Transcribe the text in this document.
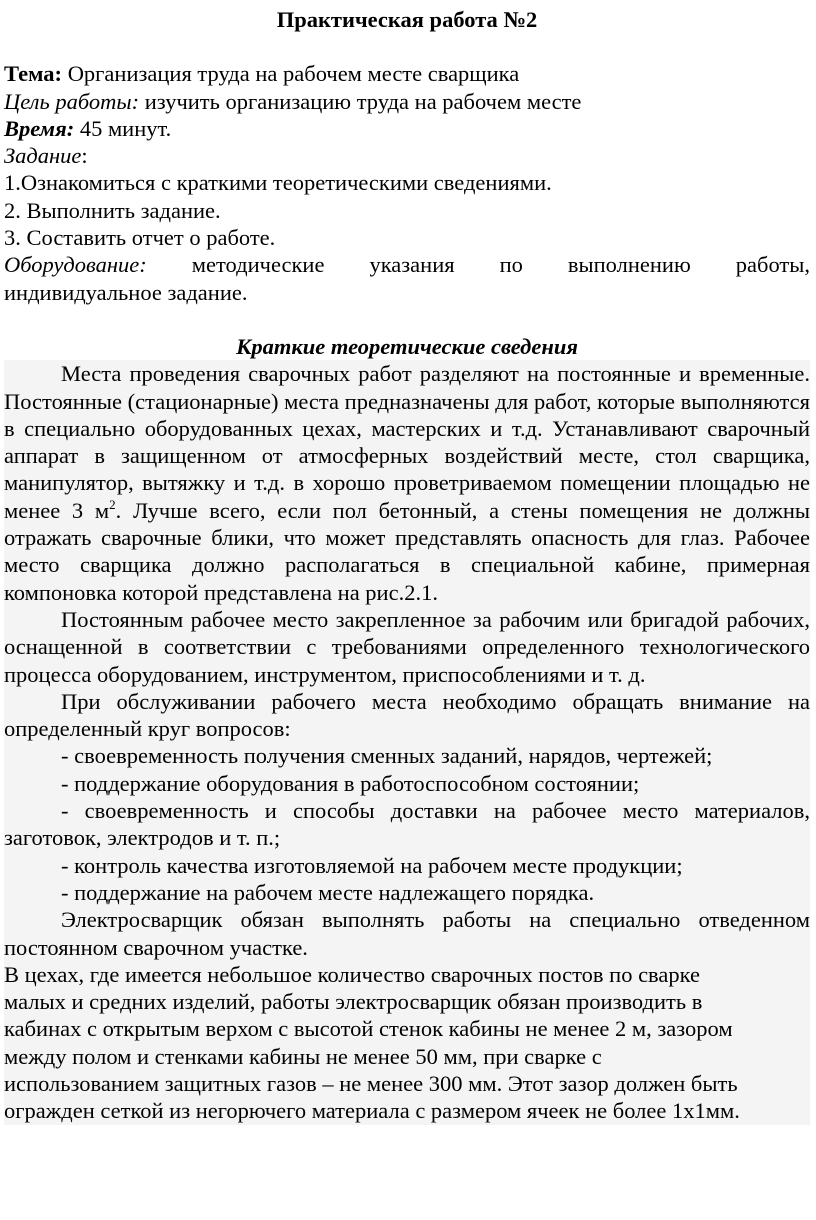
Практическая работа №2

Тема: Организация труда на рабочем месте сварщика

Цель работы: изучить организацию труда на рабочем месте

Время: 45 минут.

Задание:

1.Ознакомиться с краткими теоретическими сведениями.

2. Выполнить задание.

3. Составить отчет о работе.

Оборудование: методические указания по выполнению работы,

индивидуальное задание.

Краткие теоретические сведения

Места проведения сварочных работ разделяют на постоянные и временные. Постоянные (стационарные) места предназначены для работ, которые выполняются в специально оборудованных цехах, мастерских и т.д. Устанавливают сварочный аппарат в защищенном от атмосферных воздействий месте, стол сварщика, манипулятор, вытяжку и т.д. в хорошо проветриваемом помещении площадью не менее 3 $м^2$. Лучше всего, если пол бетонный, а стены помещения не должны отражать сварочные блики, что может представлять опасность для глаз. Рабочее место сварщика должно располагаться в специальной кабине, примерная компоновка которой представлена на рис.2.1.

Постоянным рабочее место закрепленное за рабочим или бригадой рабочих, оснащенной в соответствии с требованиями определенного технологического процесса оборудованием, инструментом, приспособлениями и т. д.

При обслуживании рабочего места необходимо обращать внимание на определенный круг вопросов:

- своевременность получения сменных заданий, нарядов, чертежей;

- поддержание оборудования в работоспособном состоянии;

- своевременность и способы доставки на рабочее место материалов, заготовок, электродов и т. п.;

- контроль качества изготовляемой на рабочем месте продукции;

- поддержание на рабочем месте надлежащего порядка.

Электросварщик обязан выполнять работы на специально отведенном постоянном сварочном участке.

В цехах, где имеется небольшое количество сварочных постов по сварке

малых и средних изделий, работы электросварщик обязан производить в

кабинах с открытым верхом с высотой стенок кабины не менее 2 м, зазором

между полом и стенками кабины не менее 50 мм, при сварке с

использованием защитных газов – не менее 300 мм. Этот зазор должен быть

огражден сеткой из негорючего материала с размером ячеек не более 1х1мм.
